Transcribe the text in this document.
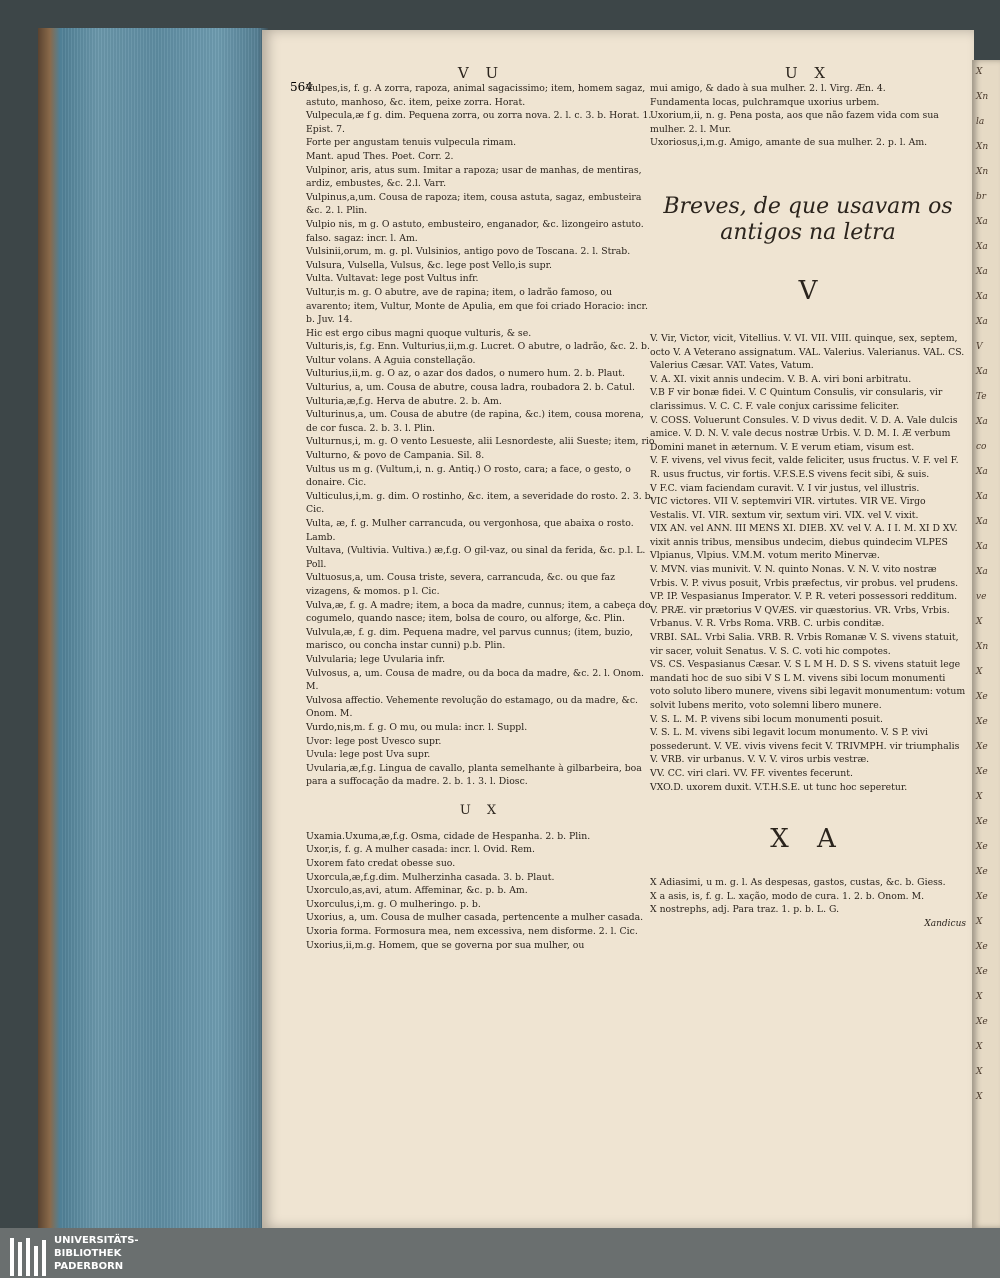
564
V U
Vulpes,is, f. g. A zorra, rapoza, animal sagacissimo; item, homem sagaz, astuto, manhoso, &c. item, peixe zorra. Horat.
Vulpecula,æ f g. dim. Pequena zorra, ou zorra nova. 2. l. c. 3. b. Horat. 1. Epist. 7.
Forte per angustam tenuis vulpecula rimam.
Mant. apud Thes. Poet. Corr. 2.
Vulpinor, aris, atus sum. Imitar a rapoza; usar de manhas, de mentiras, ardiz, embustes, &c. 2.l. Varr.
Vulpinus,a,um. Cousa de rapoza; item, cousa astuta, sagaz, embusteira &c. 2. l. Plin.
Vulpio nis, m g. O astuto, embusteiro, enganador, &c. lizongeiro astuto. falso. sagaz: incr. l. Am.
Vulsinii,orum, m. g. pl. Vulsinios, antigo povo de Toscana. 2. l. Strab.
Vulsura, Vulsella, Vulsus, &c. lege post Vello,is supr.
Vulta. Vultavat: lege post Vultus infr.
Vultur,is m. g. O abutre, ave de rapina; item, o ladrão famoso, ou avarento; item, Vultur, Monte de Apulia, em que foi criado Horacio: incr. b. Juv. 14.
Hic est ergo cibus magni quoque vulturis, & se.
Vulturis,is, f.g. Enn. Vulturius,ii,m.g. Lucret. O abutre, o ladrão, &c. 2. b.
Vultur volans. A Aguia constellação.
Vulturius,ii,m. g. O az, o azar dos dados, o numero hum. 2. b. Plaut.
Vulturius, a, um. Cousa de abutre, cousa ladra, roubadora 2. b. Catul.
Vulturia,æ,f.g. Herva de abutre. 2. b. Am.
Vulturinus,a, um. Cousa de abutre (de rapina, &c.) item, cousa morena, de cor fusca. 2. b. 3. l. Plin.
Vulturnus,i, m. g. O vento Lesueste, alii Lesnordeste, alii Sueste; item, rio Vulturno, & povo de Campania. Sil. 8.
Vultus us m g. (Vultum,i, n. g. Antiq.) O rosto, cara; a face, o gesto, o donaire. Cic.
Vulticulus,i,m. g. dim. O rostinho, &c. item, a severidade do rosto. 2. 3. b. Cic.
Vulta, æ, f. g. Mulher carrancuda, ou vergonhosa, que abaixa o rosto. Lamb.
Vultava, (Vultivia. Vultiva.) æ,f.g. O gil-vaz, ou sinal da ferida, &c. p.l. L. Poll.
Vultuosus,a, um. Cousa triste, severa, carrancuda, &c. ou que faz vizagens, & momos. p l. Cic.
Vulva,æ, f. g. A madre; item, a boca da madre, cunnus; item, a cabeça do cogumelo, quando nasce; item, bolsa de couro, ou alforge, &c. Plin.
Vulvula,æ, f. g. dim. Pequena madre, vel parvus cunnus; (item, buzio, marisco, ou concha instar cunni) p.b. Plin.
Vulvularia; lege Uvularia infr.
Vulvosus, a, um. Cousa de madre, ou da boca da madre, &c. 2. l. Onom. M.
Vulvosa affectio. Vehemente revolução do estamago, ou da madre, &c. Onom. M.
Vurdo,nis,m. f. g. O mu, ou mula: incr. l. Suppl.
Uvor: lege post Uvesco supr.
Uvula: lege post Uva supr.
Uvularia,æ,f.g. Lingua de cavallo, planta semelhante à gilbarbeira, boa para a suffocação da madre. 2. b. 1. 3. l. Diosc.
U X
Uxamia.Uxuma,æ,f.g. Osma, cidade de Hespanha. 2. b. Plin.
Uxor,is, f. g. A mulher casada: incr. l. Ovid. Rem.
Uxorem fato credat obesse suo.
Uxorcula,æ,f.g.dim. Mulherzinha casada. 3. b. Plaut.
Uxorculo,as,avi, atum. Affeminar, &c. p. b. Am.
Uxorculus,i,m. g. O mulheringo. p. b.
Uxorius, a, um. Cousa de mulher casada, pertencente a mulher casada. Uxoria forma. Formosura mea, nem excessiva, nem disforme. 2. l. Cic.
Uxorius,ii,m.g. Homem, que se governa por sua mulher, ou
U X
mui amigo, & dado à sua mulher. 2. l. Virg. Æn. 4.
Fundamenta locas, pulchramque uxorius urbem.
Uxorium,ii, n. g. Pena posta, aos que não fazem vida com sua mulher. 2. l. Mur.
Uxoriosus,i,m.g. Amigo, amante de sua mulher. 2. p. l. Am.
Breves, de que usavam os
antigos na letra
V
V. Vir, Victor, vicit, Vitellius. V. VI. VII. VIII. quinque, sex, septem, octo V. A Veterano assignatum. VAL. Valerius. Valerianus. VAL. CS. Valerius Cæsar. VAT. Vates, Vatum.
V. A. XI. vixit annis undecim. V. B. A. viri boni arbitratu.
V.B F vir bonæ fidei. V. C Quintum Consulis, vir consularis, vir clarissimus. V. C. C. F. vale conjux carissime feliciter.
V. COSS. Voluerunt Consules. V. D vivus dedit. V. D. A. Vale dulcis amice. V. D. N. V. vale decus nostræ Urbis. V. D. M. I. Æ verbum Domini manet in æternum. V. E verum etiam, visum est.
V. F. vivens, vel vivus fecit, valde feliciter, usus fructus. V. F. vel F. R. usus fructus, vir fortis. V.F.S.E.S vivens fecit sibi, & suis.
V F.C. viam faciendam curavit. V. I vir justus, vel illustris.
VIC victores. VII V. septemviri VIR. virtutes. VIR VE. Virgo Vestalis. VI. VIR. sextum vir, sextum viri. VIX. vel V. vixit.
VIX AN. vel ANN. III MENS XI. DIEB. XV. vel V. A. I I. M. XI D XV. vixit annis tribus, mensibus undecim, diebus quindecim VLPES Vlpianus, Vlpius. V.M.M. votum merito Minervæ.
V. MVN. vias munivit. V. N. quinto Nonas. V. N. V. vito nostræ Vrbis. V. P. vivus posuit, Vrbis præfectus, vir probus. vel prudens.
VP. IP. Vespasianus Imperator. V. P. R. veteri possessori redditum.
V. PRÆ. vir prætorius V QVÆS. vir quæstorius. VR. Vrbs, Vrbis. Vrbanus. V. R. Vrbs Roma. VRB. C. urbis conditæ.
VRBI. SAL. Vrbi Salia. VRB. R. Vrbis Romanæ V. S. vivens statuit, vir sacer, voluit Senatus. V. S. C. voti hic compotes.
VS. CS. Vespasianus Cæsar. V. S L M H. D. S S. vivens statuit lege mandati hoc de suo sibi V S L M. vivens sibi locum monumenti voto soluto libero munere, vivens sibi legavit monumentum: votum solvit lubens merito, voto solemni libero munere.
V. S. L. M. P. vivens sibi locum monumenti posuit.
V. S. L. M. vivens sibi legavit locum monumento. V. S P. vivi possederunt. V. VE. vivis vivens fecit V. TRIVMPH. vir triumphalis V. VRB. vir urbanus. V. V. V. viros urbis vestræ.
VV. CC. viri clari. VV. FF. viventes fecerunt.
VXO.D. uxorem duxit. V.T.H.S.E. ut tunc hoc seperetur.
X A
X Adiasimi, u m. g. l. As despesas, gastos, custas, &c. b. Giess.
X a asis, is, f. g. L. xação, modo de cura. 1. 2. b. Onom. M.
X nostrephs, adj. Para traz. 1. p. b. L. G.
Xandicus
X
Xn
la
Xn
Xn
br
Xa
Xa
Xa
Xa
Xa
V
Xa
Te
Xa
co
Xa
Xa
Xa
Xa
Xa
ve
X
Xn
X
Xe
Xe
Xe
Xe
X
Xe
Xe
Xe
Xe
X
Xe
Xe
X
Xe
X
X
X
UNIVERSITÄTS-
BIBLIOTHEK
PADERBORN
